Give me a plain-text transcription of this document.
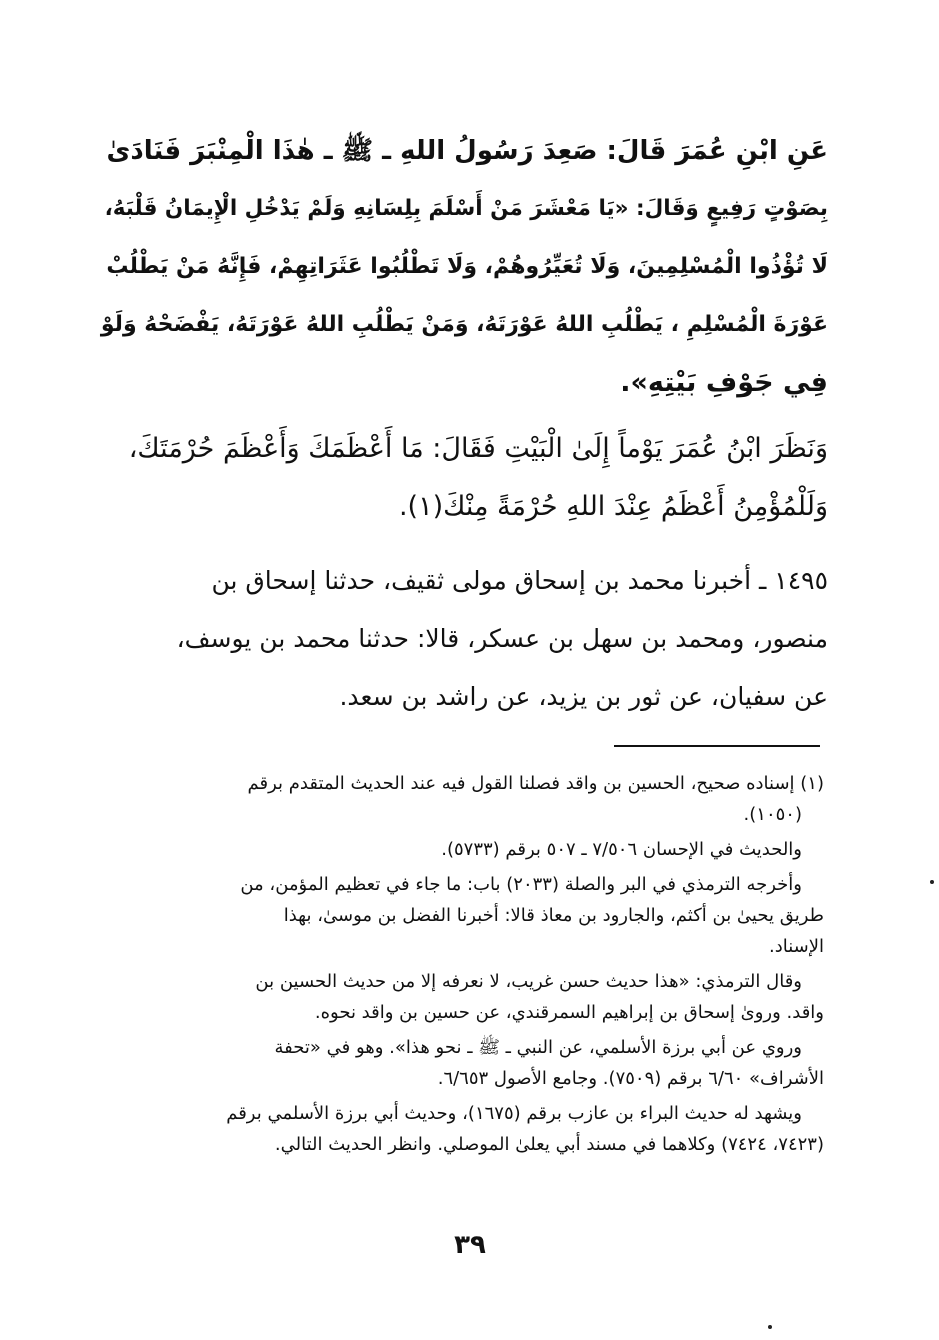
عَنِ ابْنِ عُمَرَ قَالَ: صَعِدَ رَسُولُ اللهِ ـ ﷺ ـ هٰذَا الْمِنْبَرَ فَنَادَىٰ
بِصَوْتٍ رَفِيعٍ وَقَالَ: «يَا مَعْشَرَ مَنْ أَسْلَمَ بِلِسَانِهِ وَلَمْ يَدْخُلِ الْإِيمَانُ قَلْبَهُ،
لَا تُؤْذُوا الْمُسْلِمِينَ، وَلَا تُعَيِّرُوهُمْ، وَلَا تَطْلُبُوا عَثَرَاتِهِمْ، فَإِنَّهُ مَنْ يَطْلُبْ
عَوْرَةَ الْمُسْلِمِ ، يَطْلُبِ اللهُ عَوْرَتَهُ، وَمَنْ يَطْلُبِ اللهُ عَوْرَتَهُ، يَفْضَحْهُ وَلَوْ
فِي جَوْفِ بَيْتِهِ».
وَنَظَرَ ابْنُ عُمَرَ يَوْماً إِلَىٰ الْبَيْتِ فَقَالَ: مَا أَعْظَمَكَ وَأَعْظَمَ حُرْمَتَكَ،
وَلَلْمُؤْمِنُ أَعْظَمُ عِنْدَ اللهِ حُرْمَةً مِنْكَ(١).
١٤٩٥ ـ أخبرنا محمد بن إسحاق مولى ثقيف، حدثنا إسحاق بن
منصور، ومحمد بن سهل بن عسكر، قالا: حدثنا محمد بن يوسف،
عن سفيان، عن ثور بن يزيد، عن راشد بن سعد.
(١) إسناده صحيح، الحسين بن واقد فصلنا القول فيه عند الحديث المتقدم برقم
(١٠٥٠).
والحديث في الإحسان ٧/٥٠٦ ـ ٥٠٧ برقم (٥٧٣٣).
وأخرجه الترمذي في البر والصلة (٢٠٣٣) باب: ما جاء في تعظيم المؤمن، من
طريق يحيىٰ بن أكثم، والجارود بن معاذ قالا: أخبرنا الفضل بن موسىٰ، بهذا
الإسناد.
وقال الترمذي: «هذا حديث حسن غريب، لا نعرفه إلا من حديث الحسين بن
واقد. وروىٰ إسحاق بن إبراهيم السمرقندي، عن حسين بن واقد نحوه.
وروي عن أبي برزة الأسلمي، عن النبي ـ ﷺ ـ نحو هذا». وهو في «تحفة
الأشراف» ٦/٦٠ برقم (٧٥٠٩). وجامع الأصول ٦/٦٥٣.
ويشهد له حديث البراء بن عازب برقم (١٦٧٥)، وحديث أبي برزة الأسلمي برقم
(٧٤٢٣، ٧٤٢٤) وكلاهما في مسند أبي يعلىٰ الموصلي. وانظر الحديث التالي.
٣٩
